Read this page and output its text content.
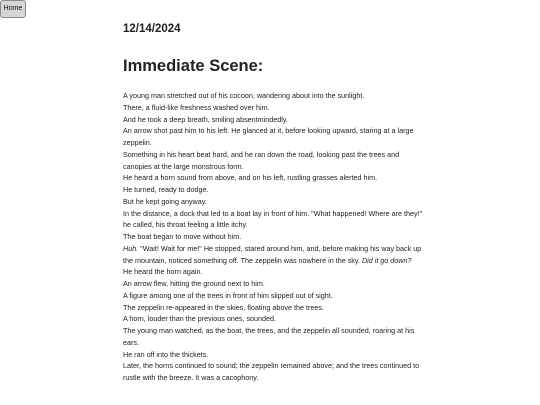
Home

12/14/2024

Immediate Scene:

A young man stretched out of his cocoon, wandering about into the sunlight.

There, a fluid-like freshness washed over him.

And he took a deep breath, smiling absentmindedly.

An arrow shot past him to his left. He glanced at it, before looking upward, staring at a large zeppelin.

Something in his heart beat hard, and he ran down the road, looking past the trees and canopies at the large monstrous form.

He heard a horn sound from above, and on his left, rustling grasses alerted him.

He turned, ready to dodge.

But he kept going anyway.

In the distance, a dock that led to a boat lay in front of him. "What happened! Where are they!" he called, his throat feeling a little itchy.

The boat began to move without him.

Huh. "Wait! Wait for me!" He stopped, stared around him, and, before making his way back up the mountain, noticed something off. The zeppelin was nowhere in the sky. Did it go down?

He heard the horn again.

An arrow flew, hitting the ground next to him.

A figure among one of the trees in front of him slipped out of sight.

The zeppelin re-appeared in the skies, floating above the trees.

A horn, louder than the previous ones, sounded.

The young man watched, as the boat, the trees, and the zeppelin all sounded, roaring at his ears.

He ran off into the thickets.

Later, the horns continued to sound; the zeppelin remained above; and the trees continued to rustle with the breeze. It was a cacophony.
